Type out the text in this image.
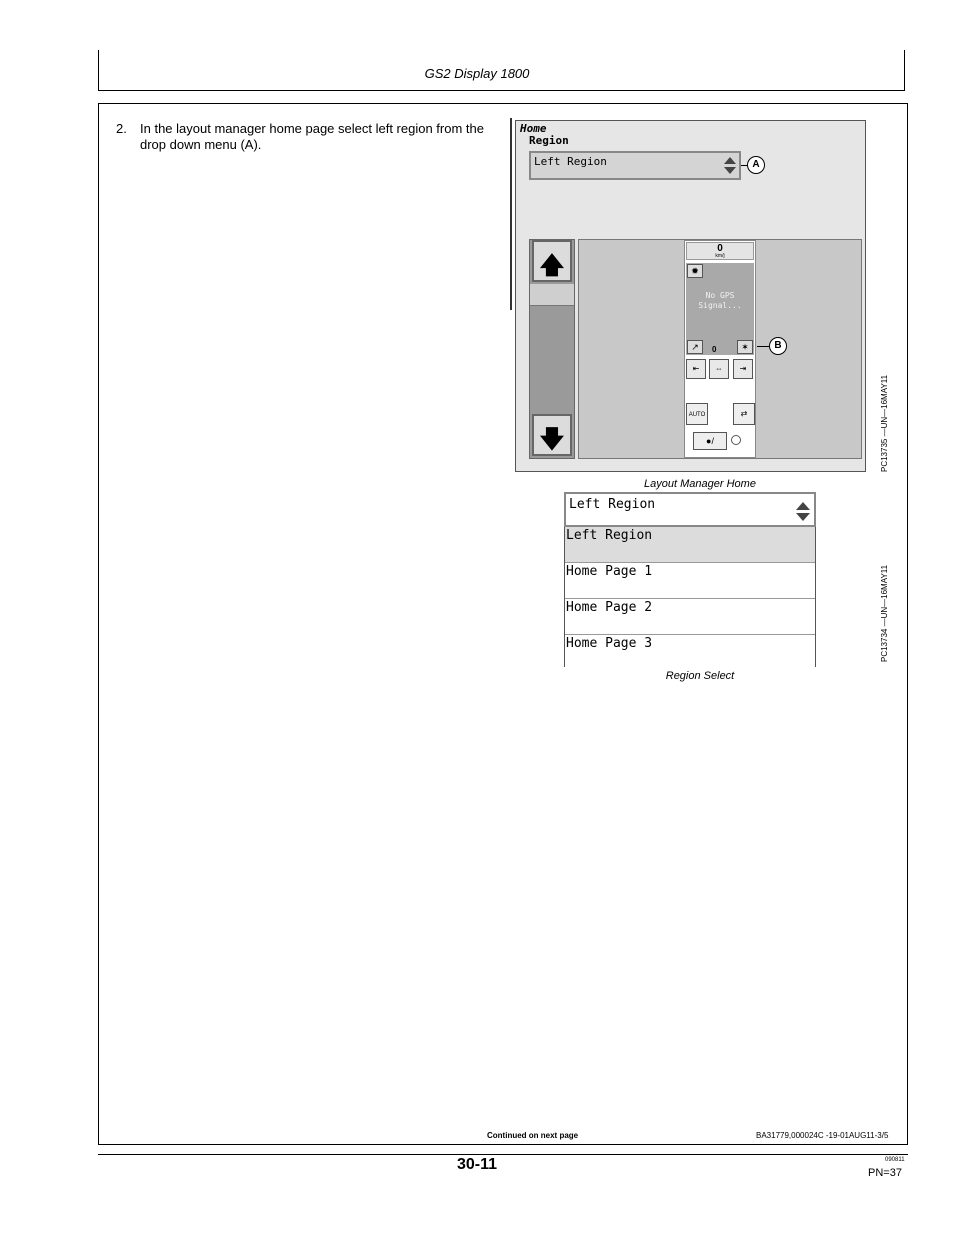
GS2 Display 1800
2. In the layout manager home page select left region from the drop down menu (A).
Home
Region
Left Region	A
🡅
🡇
0
km/j
✹
No GPS
Signal...
↗	0	✶
⇤	⇔	⇥
AUTO	⇄
●/
B
PC13735 —UN—16MAY11
Layout Manager Home
Left Region
Left Region
Home Page 1
Home Page 2
Home Page 3	PC13734 —UN—16MAY11
Region Select
Continued on next page	BA31779,000024C -19-01AUG11-3/5
30-11	090811
PN=37
